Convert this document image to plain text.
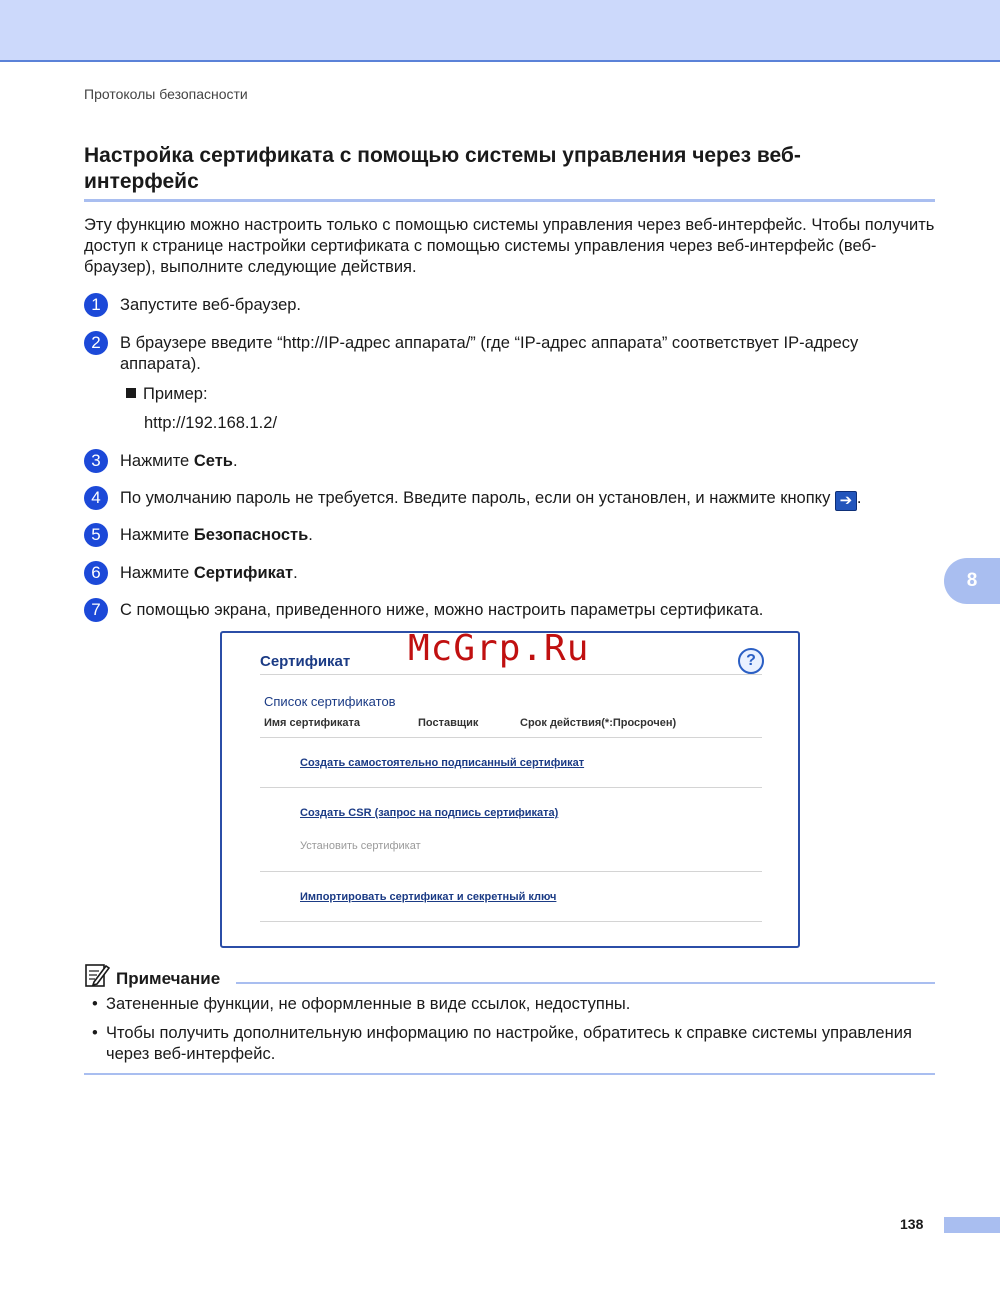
Протоколы безопасности
Настройка сертификата с помощью системы управления через веб-интерфейс

Эту функцию можно настроить только с помощью системы управления через веб-интерфейс. Чтобы получить доступ к странице настройки сертификата с помощью системы управления через веб-интерфейс (веб-браузер), выполните следующие действия.

1	Запустите веб-браузер.
2	В браузере введите “http://IP-адрес аппарата/” (где “IP-адрес аппарата” соответствует IP-адресу аппарата).
Пример:
http://192.168.1.2/
3	Нажмите Сеть.
4	По умолчанию пароль не требуется. Введите пароль, если он установлен, и нажмите кнопку ➔ .
5	Нажмите Безопасность.
6	Нажмите Сертификат.
7	С помощью экрана, приведенного ниже, можно настроить параметры сертификата.
8
Сертификат	?
Список сертификатов
Имя сертификата	Поставщик	Срок действия(*:Просрочен)
Создать самостоятельно подписанный сертификат
Создать CSR (запрос на подпись сертификата)
Установить сертификат
Импортировать сертификат и секретный ключ
McGrp.Ru
Примечание
• Затененные функции, не оформленные в виде ссылок, недоступны.
• Чтобы получить дополнительную информацию по настройке, обратитесь к справке системы управления через веб-интерфейс.
138
